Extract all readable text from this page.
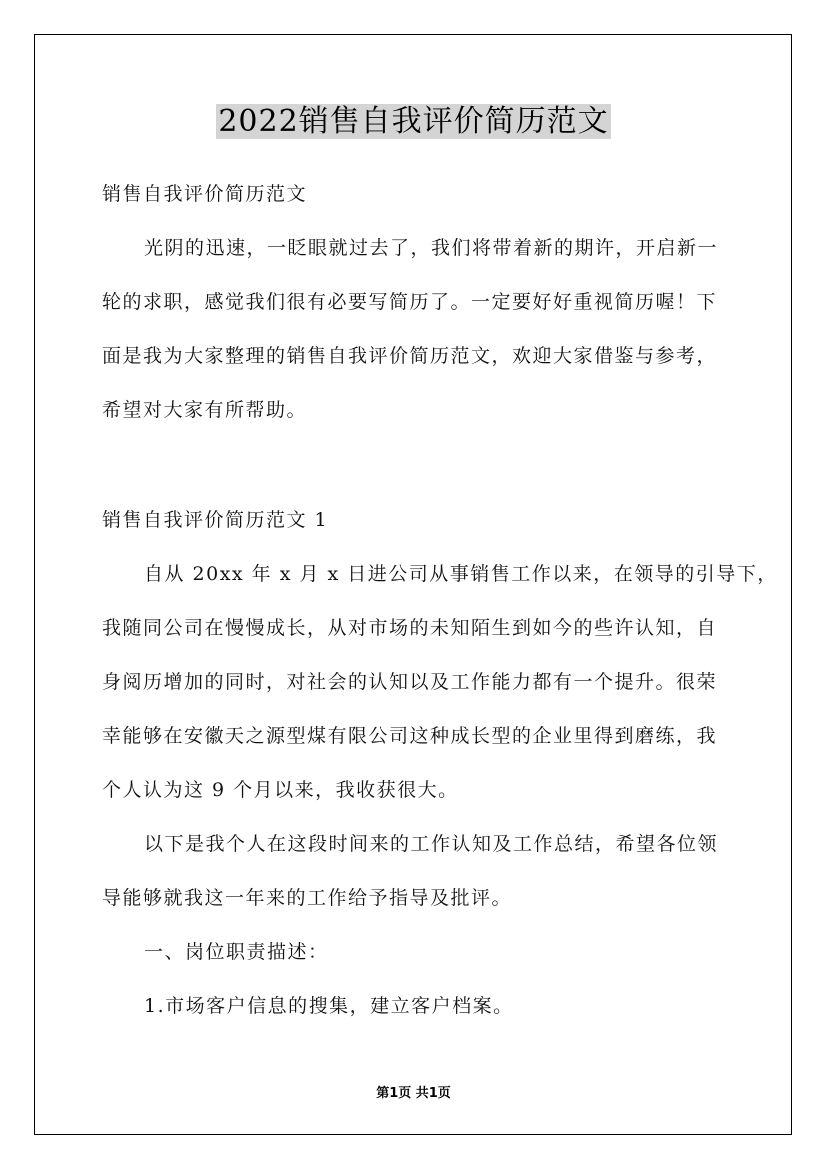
2022销售自我评价简历范文
销售自我评价简历范文
光阴的迅速，一眨眼就过去了，我们将带着新的期许，开启新一
轮的求职，感觉我们很有必要写简历了。一定要好好重视简历喔！下
面是我为大家整理的销售自我评价简历范文，欢迎大家借鉴与参考，
希望对大家有所帮助。
销售自我评价简历范文 1
自从 20xx 年 x 月 x 日进公司从事销售工作以来，在领导的引导下，
我随同公司在慢慢成长，从对市场的未知陌生到如今的些许认知，自
身阅历增加的同时，对社会的认知以及工作能力都有一个提升。很荣
幸能够在安徽天之源型煤有限公司这种成长型的企业里得到磨练，我
个人认为这 9 个月以来，我收获很大。
以下是我个人在这段时间来的工作认知及工作总结，希望各位领
导能够就我这一年来的工作给予指导及批评。
一、岗位职责描述：
1.市场客户信息的搜集，建立客户档案。
第1页 共1页
